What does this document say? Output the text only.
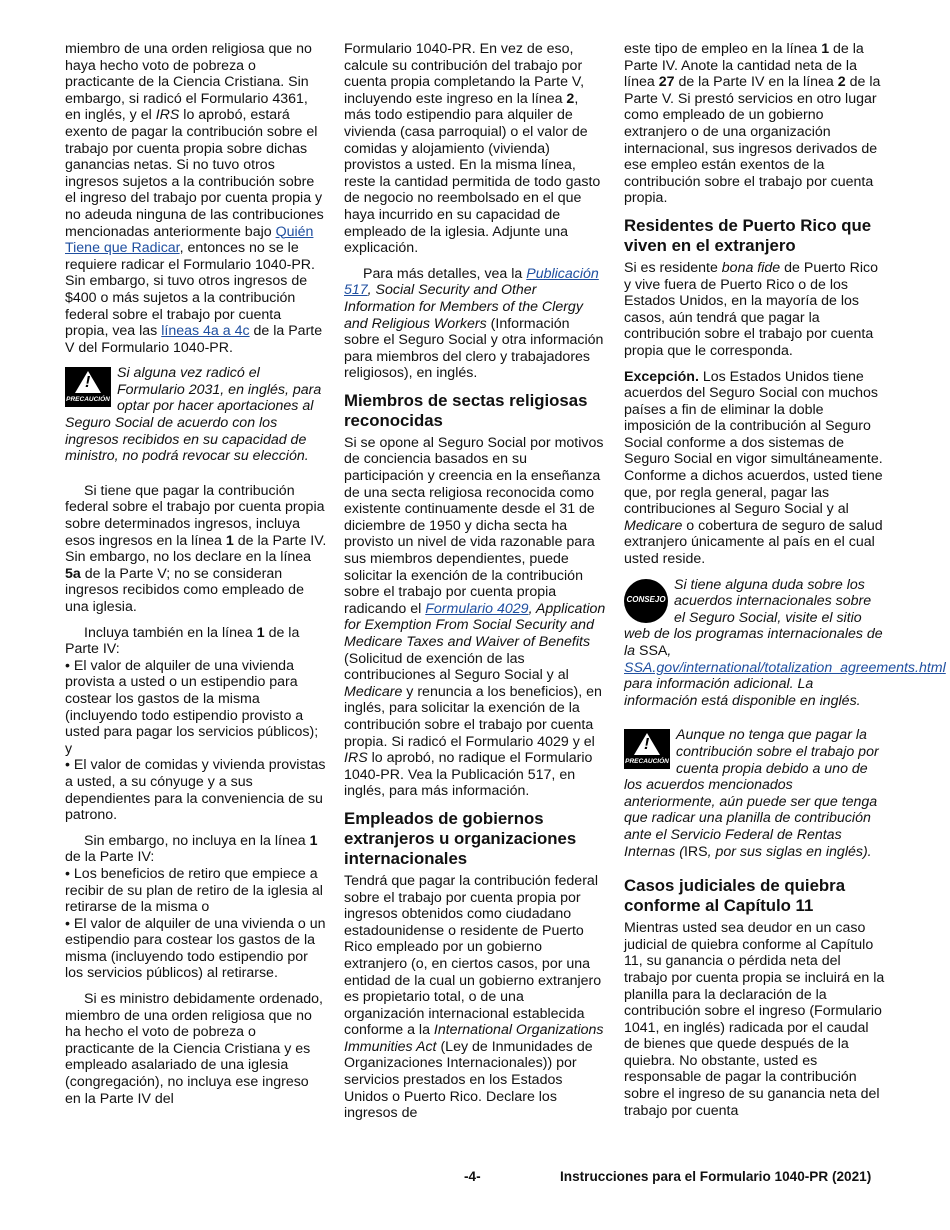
miembro de una orden religiosa que no haya hecho voto de pobreza o practicante de la Ciencia Cristiana. Sin embargo, si radicó el Formulario 4361, en inglés, y el IRS lo aprobó, estará exento de pagar la contribución sobre el trabajo por cuenta propia sobre dichas ganancias netas. Si no tuvo otros ingresos sujetos a la contribución sobre el ingreso del trabajo por cuenta propia y no adeuda ninguna de las contribuciones mencionadas anteriormente bajo Quién Tiene que Radicar, entonces no se le requiere radicar el Formulario 1040-PR. Sin embargo, si tuvo otros ingresos de $400 o más sujetos a la contribución federal sobre el trabajo por cuenta propia, vea las líneas 4a a 4c de la Parte V del Formulario 1040-PR.

!
PRECAUCIÓN
Si alguna vez radicó el Formulario 2031, en inglés, para optar por hacer aportaciones al Seguro Social de acuerdo con los ingresos recibidos en su capacidad de ministro, no podrá revocar su elección.

Si tiene que pagar la contribución federal sobre el trabajo por cuenta propia sobre determinados ingresos, incluya esos ingresos en la línea 1 de la Parte IV. Sin embargo, no los declare en la línea 5a de la Parte V; no se consideran ingresos recibidos como empleado de una iglesia.

Incluya también en la línea 1 de la Parte IV:

• El valor de alquiler de una vivienda provista a usted o un estipendio para costear los gastos de la misma (incluyendo todo estipendio provisto a usted para pagar los servicios públicos); y

• El valor de comidas y vivienda provistas a usted, a su cónyuge y a sus dependientes para la conveniencia de su patrono.

Sin embargo, no incluya en la línea 1 de la Parte IV:

• Los beneficios de retiro que empiece a recibir de su plan de retiro de la iglesia al retirarse de la misma o

• El valor de alquiler de una vivienda o un estipendio para costear los gastos de la misma (incluyendo todo estipendio por los servicios públicos) al retirarse.

Si es ministro debidamente ordenado, miembro de una orden religiosa que no ha hecho el voto de pobreza o practicante de la Ciencia Cristiana y es empleado asalariado de una iglesia (congregación), no incluya ese ingreso en la Parte IV del

Formulario 1040-PR. En vez de eso, calcule su contribución del trabajo por cuenta propia completando la Parte V, incluyendo este ingreso en la línea 2, más todo estipendio para alquiler de vivienda (casa parroquial) o el valor de comidas y alojamiento (vivienda) provistos a usted. En la misma línea, reste la cantidad permitida de todo gasto de negocio no reembolsado en el que haya incurrido en su capacidad de empleado de la iglesia. Adjunte una explicación.

Para más detalles, vea la Publicación 517, Social Security and Other Information for Members of the Clergy and Religious Workers (Información sobre el Seguro Social y otra información para miembros del clero y trabajadores religiosos), en inglés.

Miembros de sectas religiosas reconocidas

Si se opone al Seguro Social por motivos de conciencia basados en su participación y creencia en la enseñanza de una secta religiosa reconocida como existente continuamente desde el 31 de diciembre de 1950 y dicha secta ha provisto un nivel de vida razonable para sus miembros dependientes, puede solicitar la exención de la contribución sobre el trabajo por cuenta propia radicando el Formulario 4029, Application for Exemption From Social Security and Medicare Taxes and Waiver of Benefits (Solicitud de exención de las contribuciones al Seguro Social y al Medicare y renuncia a los beneficios), en inglés, para solicitar la exención de la contribución sobre el trabajo por cuenta propia. Si radicó el Formulario 4029 y el IRS lo aprobó, no radique el Formulario 1040-PR. Vea la Publicación 517, en inglés, para más información.

Empleados de gobiernos extranjeros u organizaciones internacionales

Tendrá que pagar la contribución federal sobre el trabajo por cuenta propia por ingresos obtenidos como ciudadano estadounidense o residente de Puerto Rico empleado por un gobierno extranjero (o, en ciertos casos, por una entidad de la cual un gobierno extranjero es propietario total, o de una organización internacional establecida conforme a la International Organizations Immunities Act (Ley de Inmunidades de Organizaciones Internacionales)) por servicios prestados en los Estados Unidos o Puerto Rico. Declare los ingresos de

este tipo de empleo en la línea 1 de la Parte IV. Anote la cantidad neta de la línea 27 de la Parte IV en la línea 2 de la Parte V. Si prestó servicios en otro lugar como empleado de un gobierno extranjero o de una organización internacional, sus ingresos derivados de ese empleo están exentos de la contribución sobre el trabajo por cuenta propia.

Residentes de Puerto Rico que viven en el extranjero

Si es residente bona fide de Puerto Rico y vive fuera de Puerto Rico o de los Estados Unidos, en la mayoría de los casos, aún tendrá que pagar la contribución sobre el trabajo por cuenta propia que le corresponda.

Excepción. Los Estados Unidos tiene acuerdos del Seguro Social con muchos países a fin de eliminar la doble imposición de la contribución al Seguro Social conforme a dos sistemas de Seguro Social en vigor simultáneamente. Conforme a dichos acuerdos, usted tiene que, por regla general, pagar las contribuciones al Seguro Social y al Medicare o cobertura de seguro de salud extranjero únicamente al país en el cual usted reside.

CONSEJO
Si tiene alguna duda sobre los acuerdos internacionales sobre el Seguro Social, visite el sitio web de los programas internacionales de la SSA, SSA.gov/international/totalization_agreements.html para información adicional. La información está disponible en inglés.
!
PRECAUCIÓN
Aunque no tenga que pagar la contribución sobre el trabajo por cuenta propia debido a uno de los acuerdos mencionados anteriormente, aún puede ser que tenga que radicar una planilla de contribución ante el Servicio Federal de Rentas Internas (IRS, por sus siglas en inglés).
Casos judiciales de quiebra conforme al Capítulo 11

Mientras usted sea deudor en un caso judicial de quiebra conforme al Capítulo 11, su ganancia o pérdida neta del trabajo por cuenta propia se incluirá en la planilla para la declaración de la contribución sobre el ingreso (Formulario 1041, en inglés) radicada por el caudal de bienes que quede después de la quiebra. No obstante, usted es responsable de pagar la contribución sobre el ingreso de su ganancia neta del trabajo por cuenta

-4-	Instrucciones para el Formulario 1040-PR (2021)
